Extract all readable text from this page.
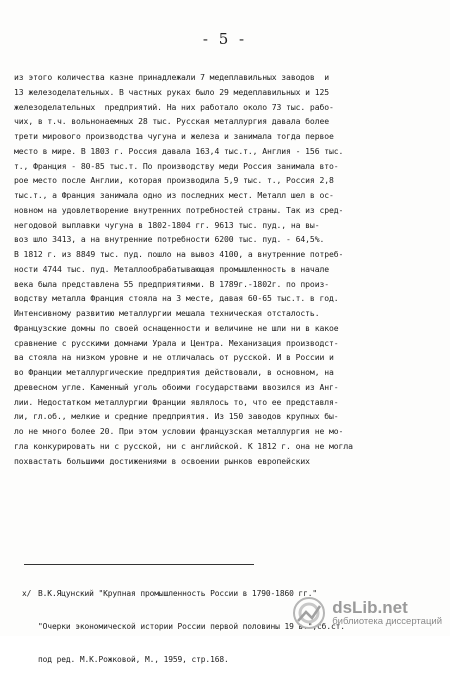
- 5 -
из этого количества казне принадлежали 7 медеплавильных заводов  и
13 железоделательных. В частных руках было 29 медеплавильных и 125
железоделательных  предприятий. На них работало около 73 тыс. рабо-
чих, в т.ч. вольнонаемных 28 тыс. Русская металлургия давала более
трети мирового производства чугуна и железа и занимала тогда первое
место в мире. В 1803 г. Россия давала 163,4 тыс.т., Англия - 156 тыс.
т., Франция - 80-85 тыс.т. По производству меди Россия занимала вто-
рое место после Англии, которая производила 5,9 тыс. т., Россия 2,8
тыс.т., а Франция занимала одно из последних мест. Металл шел в ос-
новном на удовлетворение внутренних потребностей страны. Так из сред-
негодовой выплавки чугуна в 1802-1804 гг. 9613 тыс. пуд., на вы-
воз шло 3413, а на внутренние потребности 6200 тыс. пуд. - 64,5%.
В 1812 г. из 8849 тыс. пуд. пошло на вывоз 4100, а внутренние потреб-
ности 4744 тыс. пуд. Металлообрабатывающая промышленность в начале
века была представлена 55 предприятиями. В 1789г.-1802г. по произ-
водству металла Франция стояла на 3 месте, давая 60-65 тыс.т. в год.
Интенсивному развитию металлургии мешала техническая отсталость.
Французские домны по своей оснащенности и величине не шли ни в какое
сравнение с русскими домнами Урала и Центра. Механизация производст-
ва стояла на низком уровне и не отличалась от русской. И в России и
во Франции металлургические предприятия действовали, в основном, на
древесном угле. Каменный уголь обоими государствами ввозился из Анг-
лии. Недостатком металлургии Франции являлось то, что ее представля-
ли, гл.об., мелкие и средние предприятия. Из 150 заводов крупных бы-
ло не много более 20. При этом условии французская металлургия не мо-
гла конкурировать ни с русской, ни с английской. К 1812 г. она не могла
похвастать большими достижениями в освоении рынков европейских

x/ В.К.Яцунский "Крупная промышленность России в 1790-1860 гг."

"Очерки экономической истории России первой половины 19 в.",сб.ст.

под ред. М.К.Рожковой, М., 1959, стр.168.

dsLib.net
библиотека диссертаций
